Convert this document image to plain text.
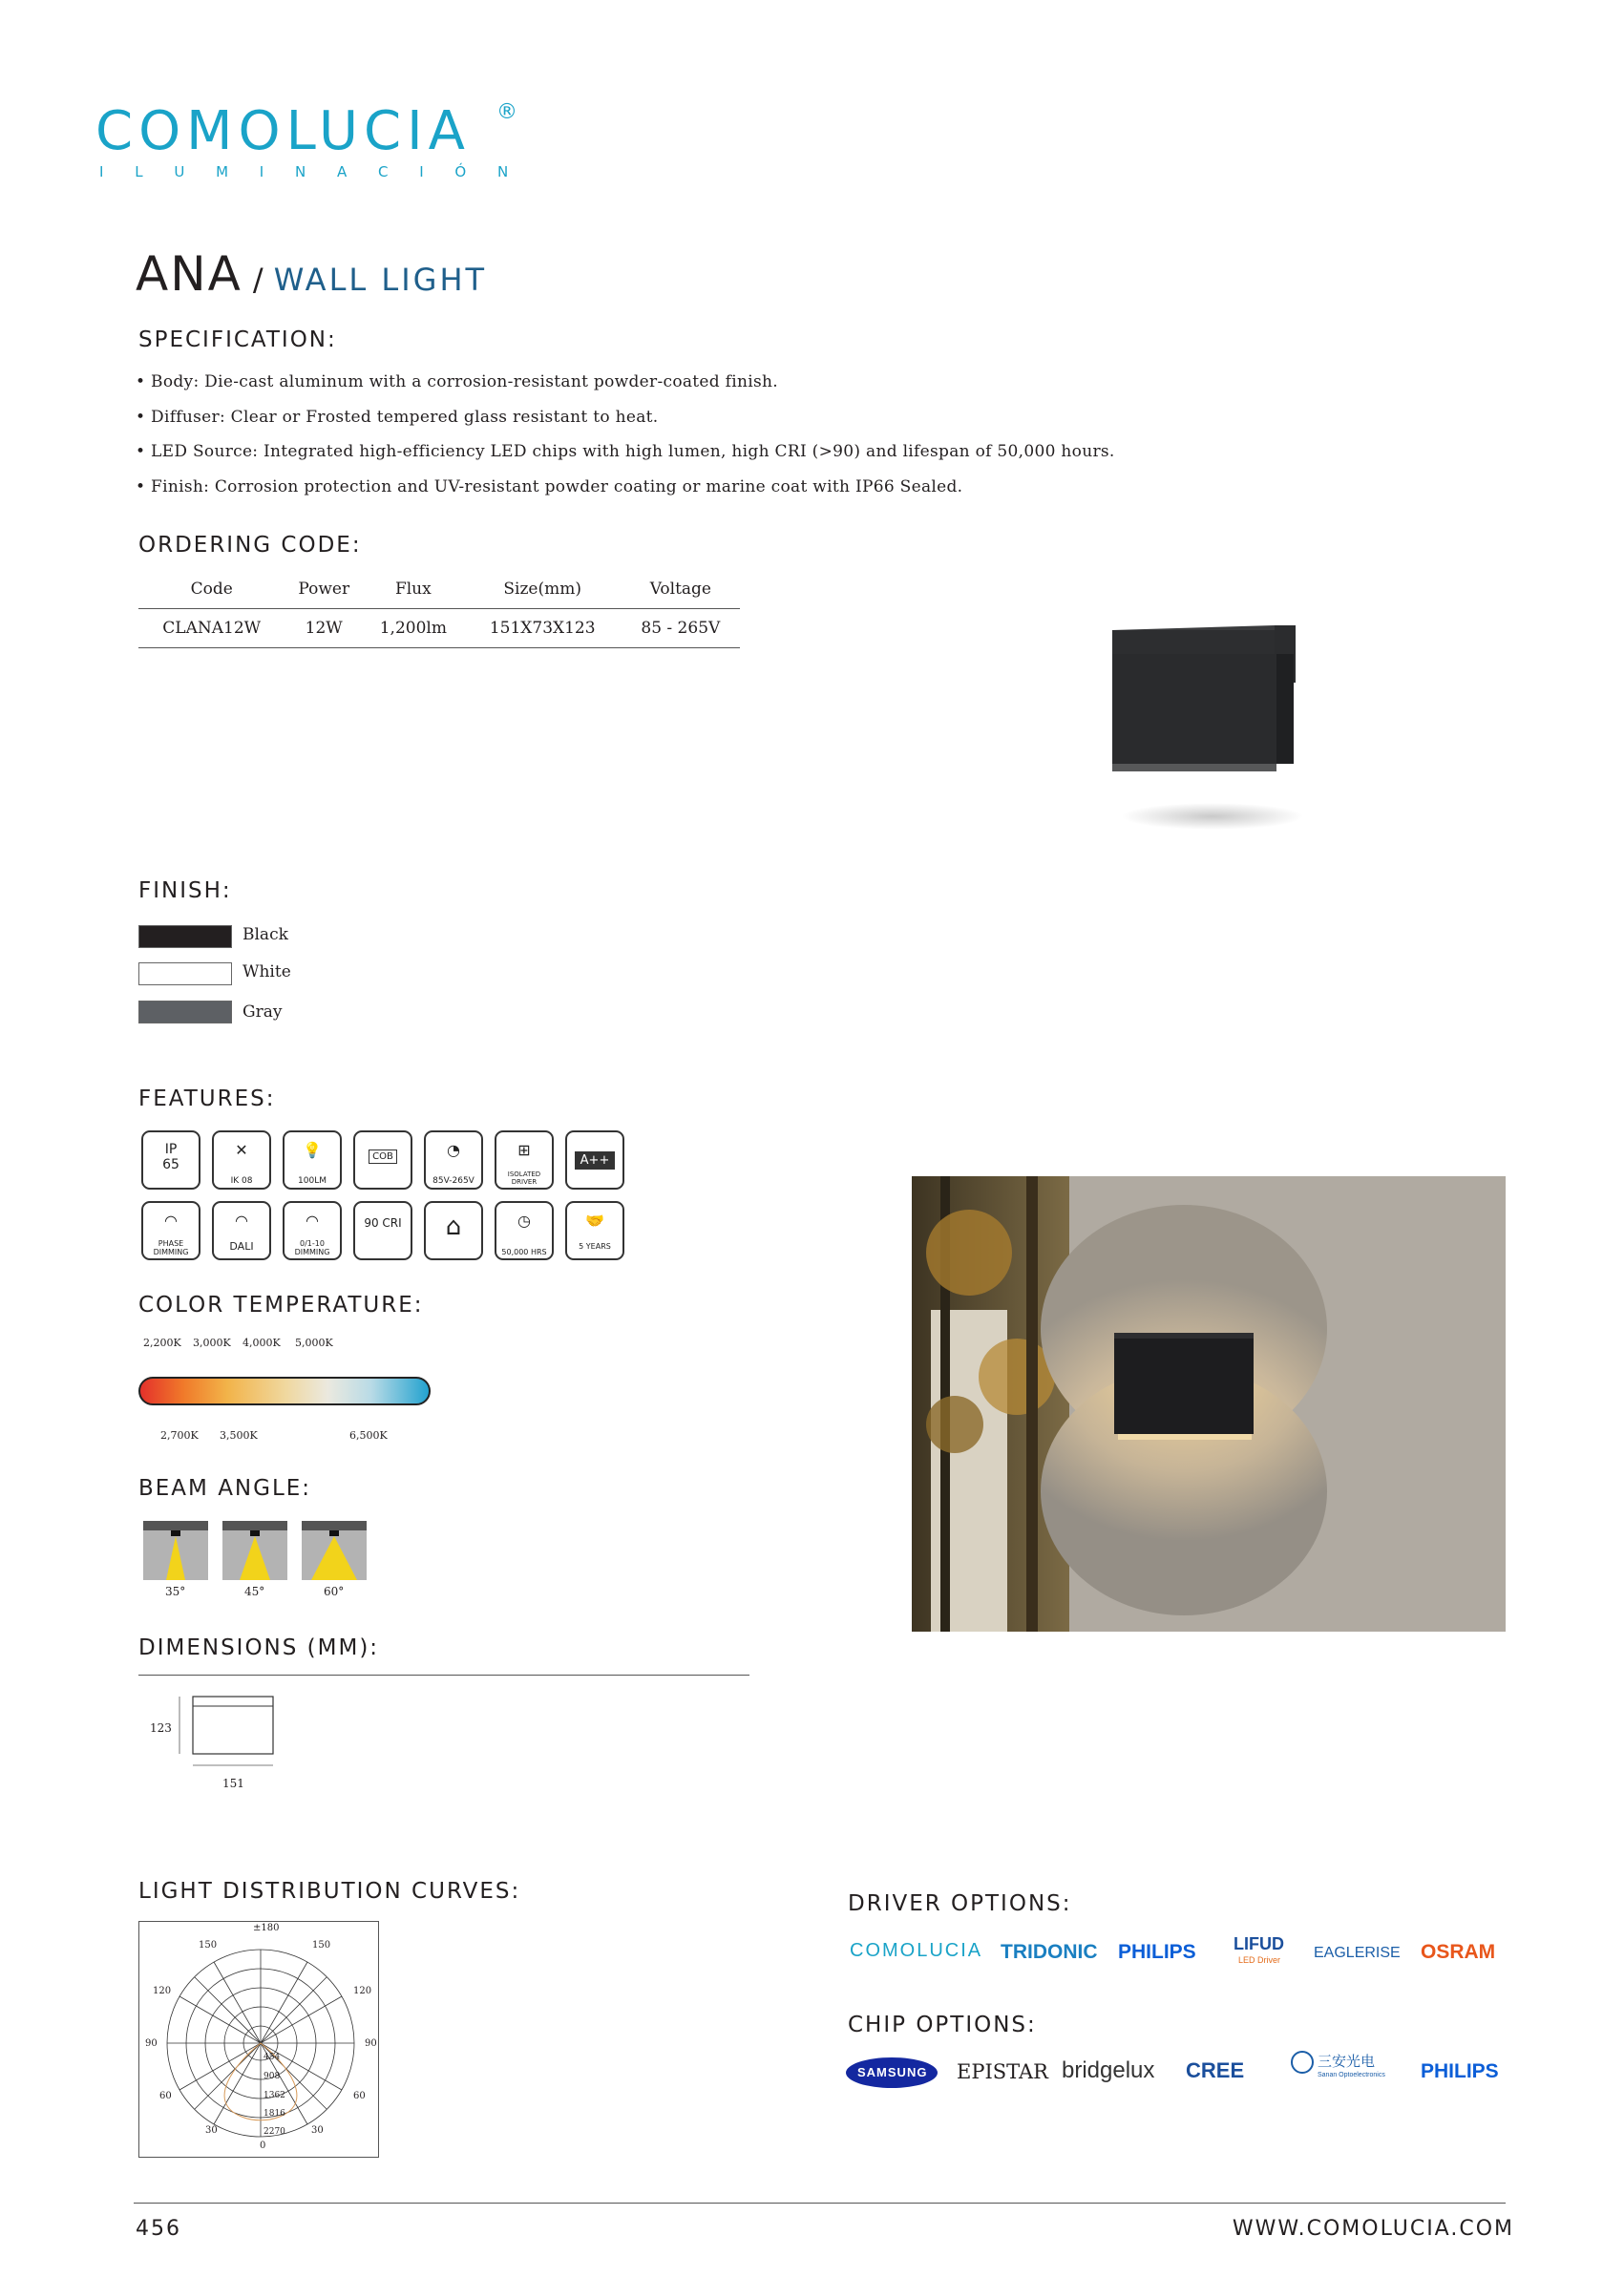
COMOLUCIA ®
I L U M I N A C I Ó N
ANA / WALL LIGHT
SPECIFICATION:
• Body: Die-cast aluminum with a corrosion-resistant powder-coated finish.
• Diffuser: Clear or Frosted tempered glass resistant to heat.
• LED Source: Integrated high-efficiency LED chips with high lumen, high CRI (>90) and lifespan of 50,000 hours.
• Finish: Corrosion protection and UV-resistant powder coating or marine coat with IP66 Sealed.
ORDERING CODE:
Code	Power	Flux	Size(mm)	Voltage
CLANA12W	12W	1,200lm	151X73X123	85 - 265V
FINISH:
Black
White
Gray
FEATURES:
IP
65
✕
IK 08
💡
100LM
COB	◔
85V-265V
⊞
ISOLATED DRIVER
A++
◠
PHASE DIMMING
◠
DALI
◠
0/1-10 DIMMING
90 CRI	⌂	◷
50,000 HRS
🤝
5 YEARS
COLOR TEMPERATURE:
2,200K 3,000K 4,000K 5,000K
2,700K 3,500K	6,500K
BEAM ANGLE:
35°	45°	60°
DIMENSIONS (MM):
123
151
LIGHT DISTRIBUTION CURVES:
±180
150	150
120	120
90	90
60	60
30	30
0
454
908
1362
1816
2270
DRIVER OPTIONS:
COMOLUCIA TRIDONIC PHILIPS LIFUD
LED Driver EAGLERISE OSRAM
CHIP OPTIONS:
SAMSUNG EPISTAR bridgelux CREE	三安光电
Sanan Optoelectronics PHILIPS
456	WWW.COMOLUCIA.COM
